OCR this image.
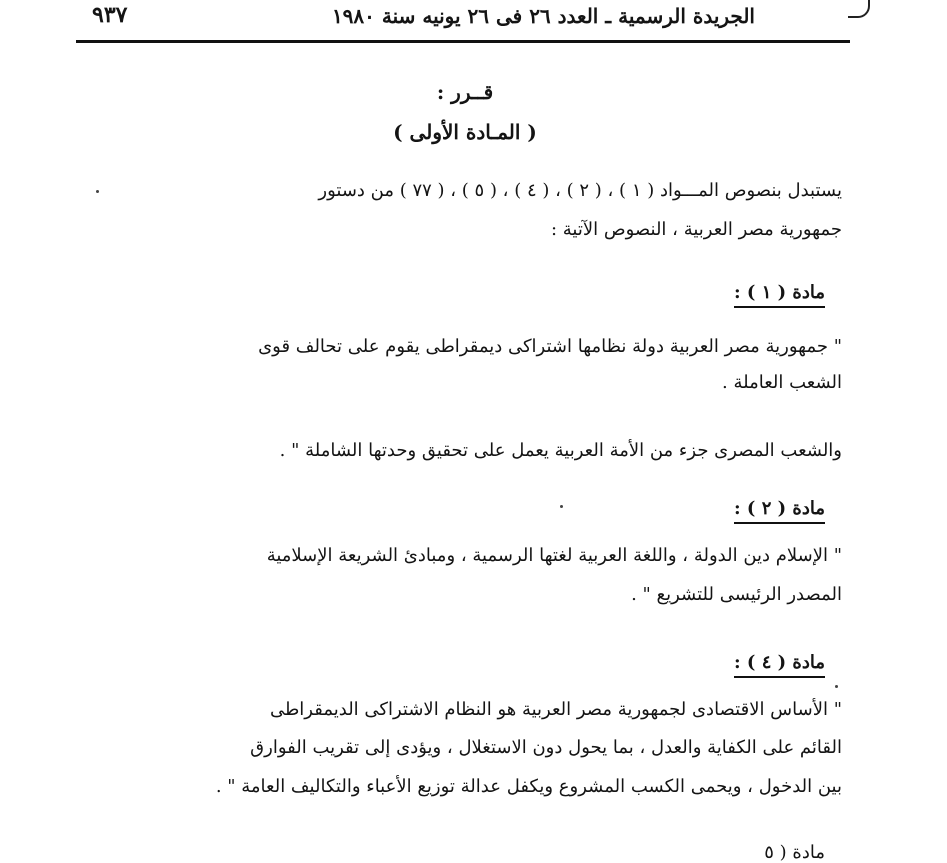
الجريدة الرسمية ـ العدد ٢٦ فى ٢٦ يونيه سنة ١٩٨٠
٩٣٧
قــرر :
( المـادة الأولى )
يستبدل بنصوص المـــواد ( ١ ) ، ( ٢ ) ، ( ٤ ) ، ( ٥ ) ، ( ٧٧ ) من دستور
جمهورية مصر العربية ، النصوص الآتية :
مادة ( ١ ) :
" جمهورية مصر العربية دولة نظامها اشتراكى ديمقراطى يقوم على تحالف قوى
الشعب العاملة .
والشعب المصرى جزء من الأمة العربية يعمل على تحقيق وحدتها الشاملة " .
مادة ( ٢ ) :
" الإسلام دين الدولة ، واللغة العربية لغتها الرسمية ، ومبادئ الشريعة الإسلامية
المصدر الرئيسى للتشريع " .
مادة ( ٤ ) :
" الأساس الاقتصادى لجمهورية مصر العربية هو النظام الاشتراكى الديمقراطى
القائم على الكفاية والعدل ، بما يحول دون الاستغلال ، ويؤدى إلى تقريب الفوارق
بين الدخول ، ويحمى الكسب المشروع ويكفل عدالة توزيع الأعباء والتكاليف العامة " .
مادة ( ٥
